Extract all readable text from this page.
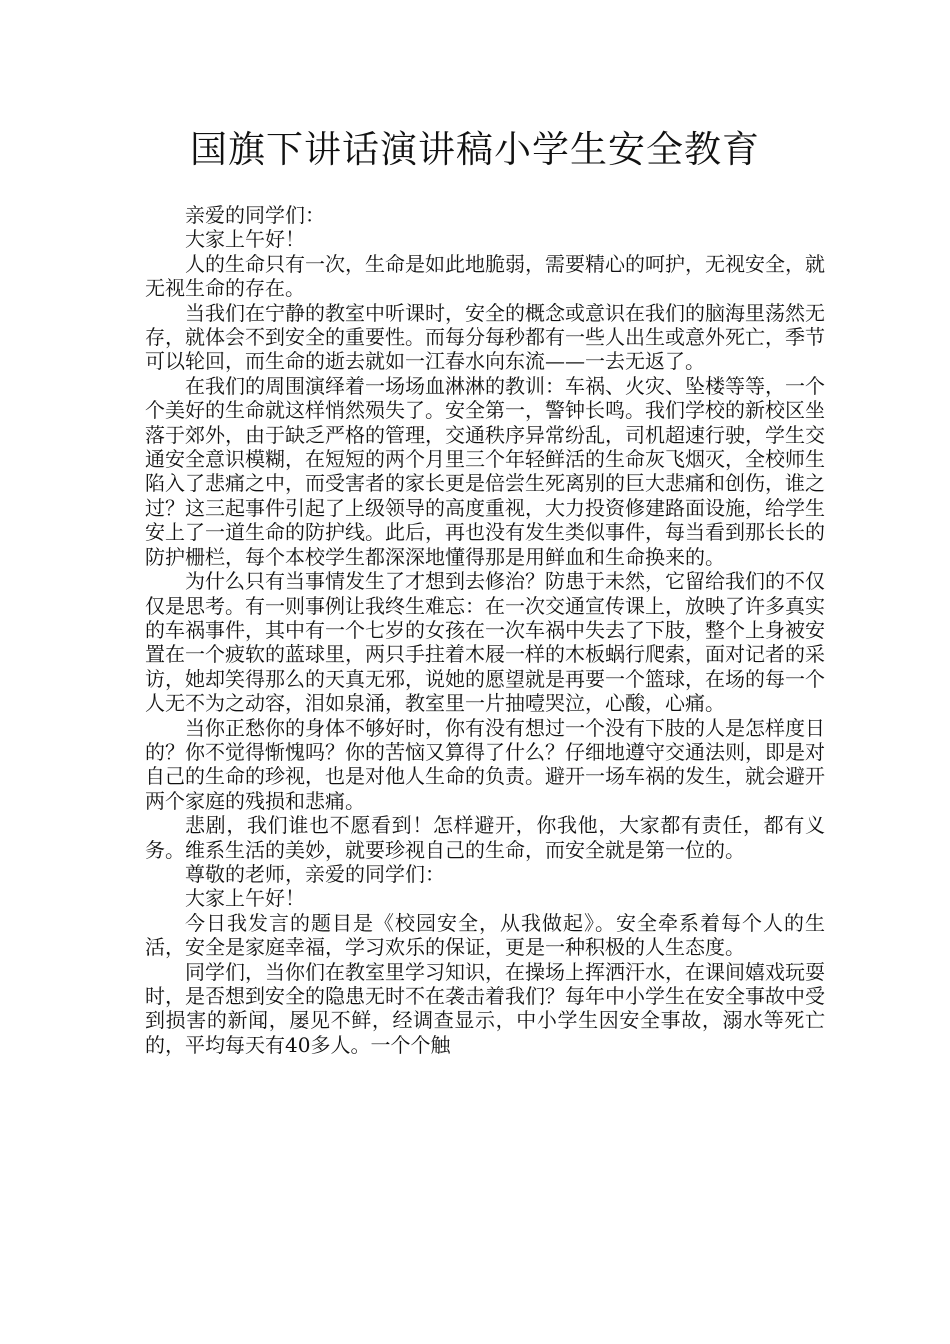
国旗下讲话演讲稿小学生安全教育

亲爱的同学们：

大家上午好！

人的生命只有一次，生命是如此地脆弱，需要精心的呵护，无视安全，就无视生命的存在。

当我们在宁静的教室中听课时，安全的概念或意识在我们的脑海里荡然无存，就体会不到安全的重要性。而每分每秒都有一些人出生或意外死亡，季节可以轮回，而生命的逝去就如一江春水向东流——一去无返了。

在我们的周围演绎着一场场血淋淋的教训：车祸、火灾、坠楼等等，一个个美好的生命就这样悄然殒失了。安全第一，警钟长鸣。我们学校的新校区坐落于郊外，由于缺乏严格的管理，交通秩序异常纷乱，司机超速行驶，学生交通安全意识模糊，在短短的两个月里三个年轻鲜活的生命灰飞烟灭，全校师生陷入了悲痛之中，而受害者的家长更是倍尝生死离别的巨大悲痛和创伤，谁之过？这三起事件引起了上级领导的高度重视，大力投资修建路面设施，给学生安上了一道生命的防护线。此后，再也没有发生类似事件，每当看到那长长的防护栅栏，每个本校学生都深深地懂得那是用鲜血和生命换来的。

为什么只有当事情发生了才想到去修治？防患于未然，它留给我们的不仅仅是思考。有一则事例让我终生难忘：在一次交通宣传课上，放映了许多真实的车祸事件，其中有一个七岁的女孩在一次车祸中失去了下肢，整个上身被安置在一个疲软的蓝球里，两只手拄着木屐一样的木板蜗行爬索，面对记者的采访，她却笑得那么的天真无邪，说她的愿望就是再要一个篮球，在场的每一个人无不为之动容，泪如泉涌，教室里一片抽噎哭泣，心酸，心痛。

当你正愁你的身体不够好时，你有没有想过一个没有下肢的人是怎样度日的？你不觉得惭愧吗？你的苦恼又算得了什么？仔细地遵守交通法则，即是对自己的生命的珍视，也是对他人生命的负责。避开一场车祸的发生，就会避开两个家庭的残损和悲痛。

悲剧，我们谁也不愿看到！怎样避开，你我他，大家都有责任，都有义务。维系生活的美妙，就要珍视自己的生命，而安全就是第一位的。

尊敬的老师，亲爱的同学们：

大家上午好！

今日我发言的题目是《校园安全，从我做起》。安全牵系着每个人的生活，安全是家庭幸福，学习欢乐的保证，更是一种积极的人生态度。

同学们，当你们在教室里学习知识，在操场上挥洒汗水，在课间嬉戏玩耍时，是否想到安全的隐患无时不在袭击着我们？每年中小学生在安全事故中受到损害的新闻，屡见不鲜，经调查显示，中小学生因安全事故，溺水等死亡的，平均每天有40多人。一个个触
